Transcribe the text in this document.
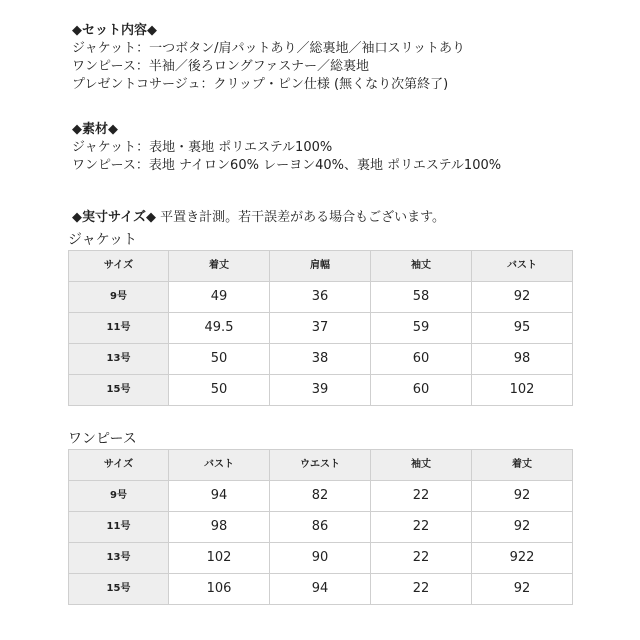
◆セット内容◆
ジャケット：一つボタン/肩パットあり／総裏地／袖口スリットあり
ワンピース：半袖／後ろロングファスナー／総裏地
プレゼントコサージュ：クリップ・ピン仕様 (無くなり次第終了)
◆素材◆
ジャケット：表地・裏地 ポリエステル100%
ワンピース：表地 ナイロン60% レーヨン40%、裏地 ポリエステル100%
◆実寸サイズ◆ 平置き計測。若干誤差がある場合もございます。
ジャケット
サイズ	着丈	肩幅	袖丈	バスト
9号	49	36	58	92
11号	49.5	37	59	95
13号	50	38	60	98
15号	50	39	60	102
ワンピース
サイズ	バスト	ウエスト	袖丈	着丈
9号	94	82	22	92
11号	98	86	22	92
13号	102	90	22	922
15号	106	94	22	92
